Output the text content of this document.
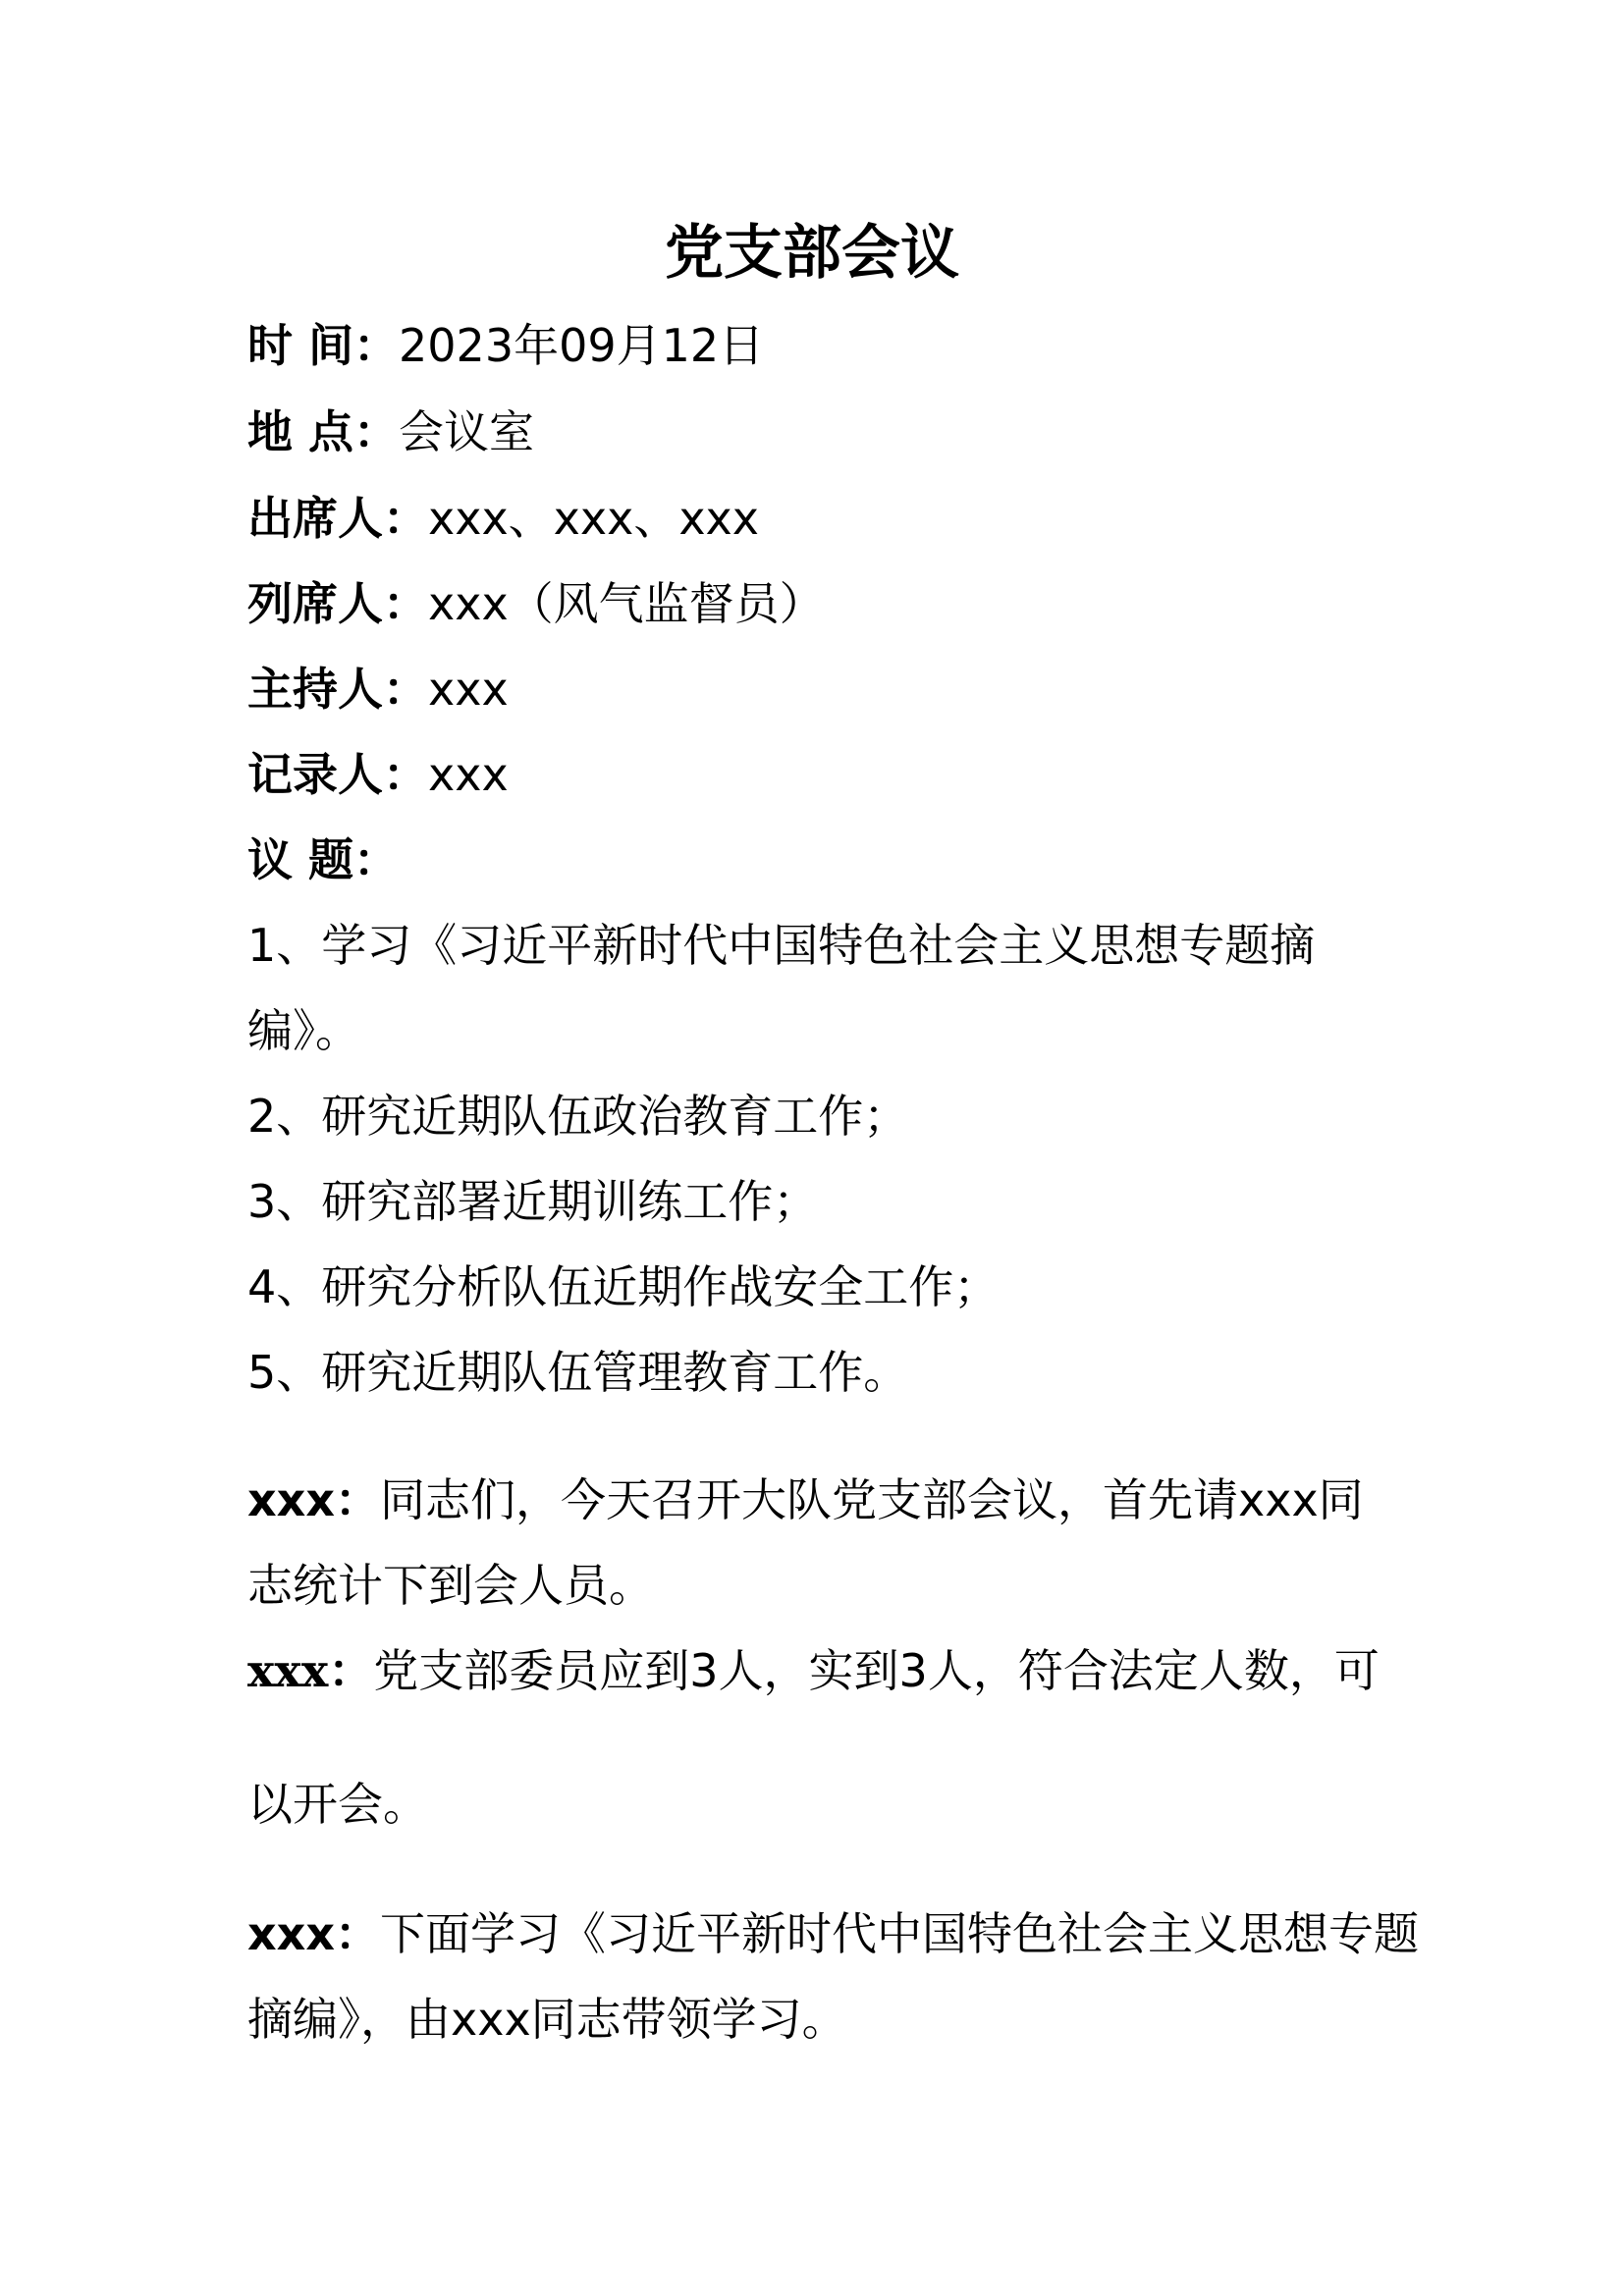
党支部会议
时 间：2023年09月12日
地 点：会议室
出席人：xxx、xxx、xxx
列席人：xxx（风气监督员）
主持人：xxx
记录人：xxx
议 题：
1、学习《习近平新时代中国特色社会主义思想专题摘
编》。
2、研究近期队伍政治教育工作；
3、研究部署近期训练工作；
4、研究分析队伍近期作战安全工作；
5、研究近期队伍管理教育工作。
xxx：同志们，今天召开大队党支部会议，首先请xxx同
志统计下到会人员。
xxx：党支部委员应到3人，实到3人，符合法定人数，可
以开会。
xxx：下面学习《习近平新时代中国特色社会主义思想专题
摘编》，由xxx同志带领学习。
